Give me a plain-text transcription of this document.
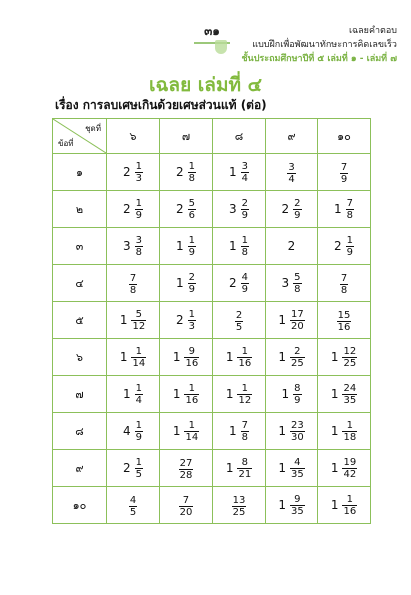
๓๑	เฉลยคำตอบ
แบบฝึกเพื่อพัฒนาทักษะการคิดเลขเร็ว
ชั้นประถมศึกษาปีที่ ๕ เล่มที่ ๑ - เล่มที่ ๗
เฉลย เล่มที่ ๔
เรื่อง การลบเศษเกินด้วยเศษส่วนแท้ (ต่อ)
ชุดที่
ข้อที่	๖	๗	๘	๙	๑๐
๑	$2 \frac{1}{3}$	$2 \frac{1}{8}$	$1 \frac{3}{4}$	$\frac{3}{4}$	$\frac{7}{9}$

๒	$2 \frac{1}{9}$	$2 \frac{5}{6}$	$3 \frac{2}{9}$	$2 \frac{2}{9}$	$1 \frac{7}{8}$

๓	$3 \frac{3}{8}$	$1 \frac{1}{9}$	$1 \frac{1}{8}$	2	$2 \frac{1}{9}$

๔	$\frac{7}{8}$	$1 \frac{2}{9}$	$2 \frac{4}{9}$	$3 \frac{5}{8}$	$\frac{7}{8}$

๕	$1 \frac{5}{12}$	$2 \frac{1}{3}$	$\frac{2}{5}$	$1 \frac{17}{20}$	$\frac{15}{16}$

๖	$1 \frac{1}{14}$	$1 \frac{9}{16}$	$1 \frac{1}{16}$	$1 \frac{2}{25}$	$1 \frac{12}{25}$

๗	$1 \frac{1}{4}$	$1 \frac{1}{16}$	$1 \frac{1}{12}$	$1 \frac{8}{9}$	$1 \frac{24}{35}$

๘	$4 \frac{1}{9}$	$1 \frac{1}{14}$	$1 \frac{7}{8}$	$1 \frac{23}{30}$	$1 \frac{1}{18}$

๙	$2 \frac{1}{5}$	$\frac{27}{28}$	$1 \frac{8}{21}$	$1 \frac{4}{35}$	$1 \frac{19}{42}$

๑๐	$\frac{4}{5}$	$\frac{7}{20}$	$\frac{13}{25}$	$1 \frac{9}{35}$	$1 \frac{1}{16}$
